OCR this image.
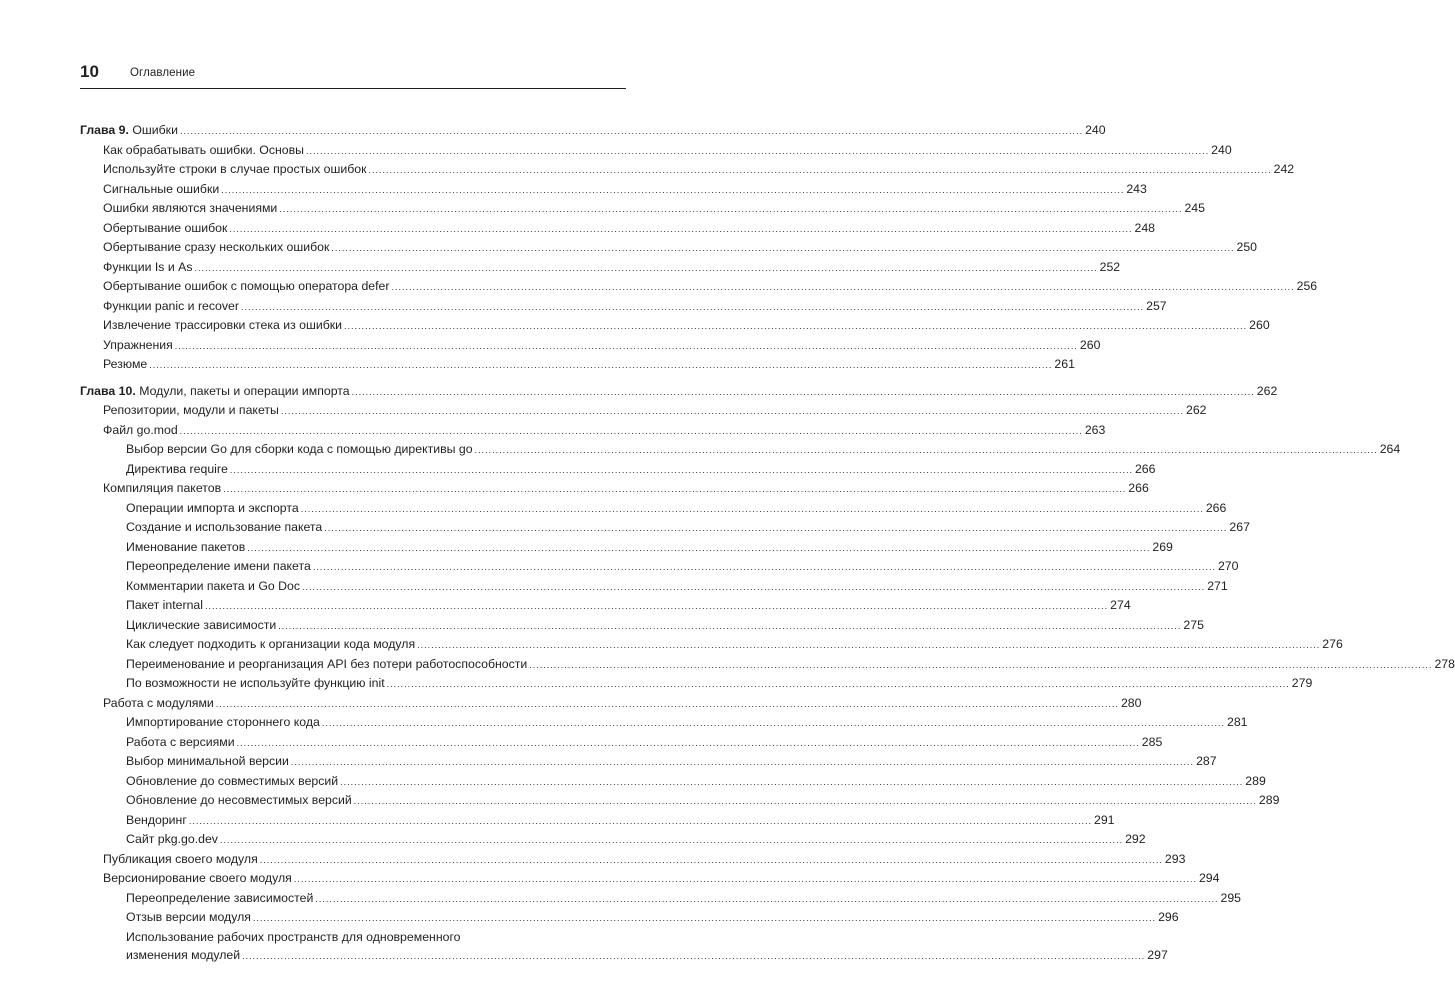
10	Оглавление
Глава 9. Ошибки .....	240
Как обрабатывать ошибки. Основы .....	240
Используйте строки в случае простых ошибок .....	242
Сигнальные ошибки .....	243
Ошибки являются значениями .....	245
Обертывание ошибок .....	248
Обертывание сразу нескольких ошибок .....	250
Функции Is и As .....	252
Обертывание ошибок с помощью оператора defer .....	256
Функции panic и recover .....	257
Извлечение трассировки стека из ошибки .....	260
Упражнения .....	260
Резюме .....	261
Глава 10. Модули, пакеты и операции импорта .....	262
Репозитории, модули и пакеты .....	262
Файл go.mod .....	263
Выбор версии Go для сборки кода с помощью директивы go .....	264
Директива require .....	266
Компиляция пакетов .....	266
Операции импорта и экспорта .....	266
Создание и использование пакета .....	267
Именование пакетов .....	269
Переопределение имени пакета .....	270
Комментарии пакета и Go Doc .....	271
Пакет internal .....	274
Циклические зависимости .....	275
Как следует подходить к организации кода модуля .....	276
Переименование и реорганизация API без потери работоспособности .....	278
По возможности не используйте функцию init .....	279
Работа с модулями .....	280
Импортирование стороннего кода .....	281
Работа с версиями .....	285
Выбор минимальной версии .....	287
Обновление до совместимых версий .....	289
Обновление до несовместимых версий .....	289
Вендоринг .....	291
Сайт pkg.go.dev .....	292
Публикация своего модуля .....	293
Версионирование своего модуля .....	294
Переопределение зависимостей .....	295
Отзыв версии модуля .....	296
Использование рабочих пространств для одновременного
изменения модулей .....	297
